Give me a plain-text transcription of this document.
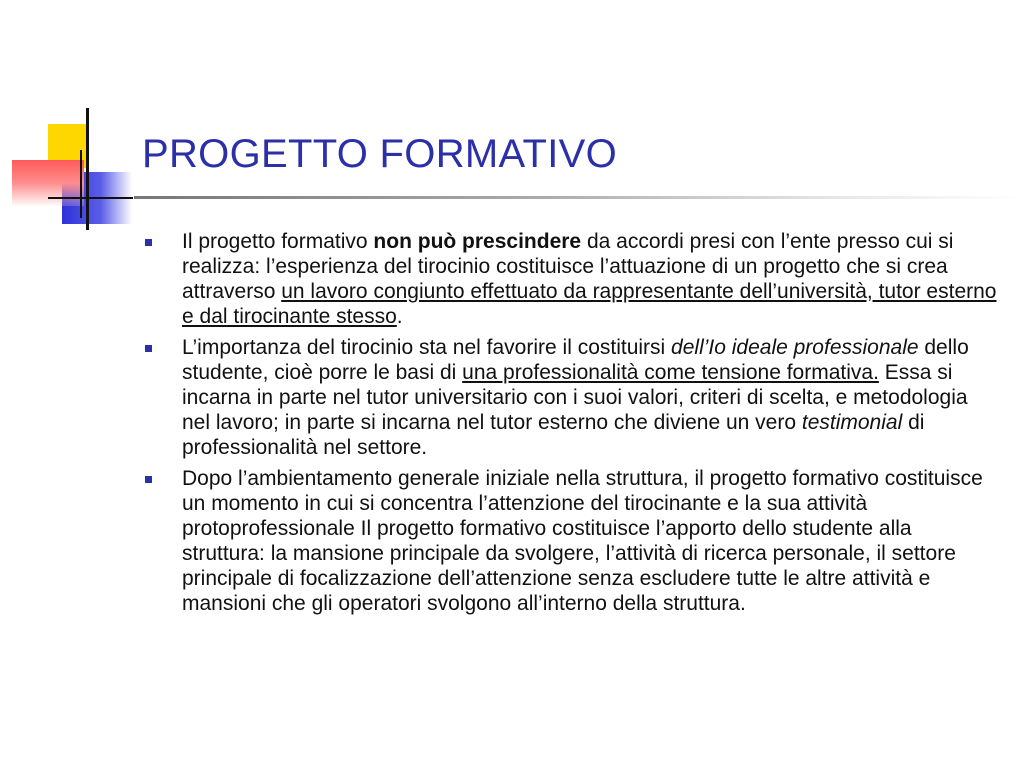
PROGETTO FORMATIVO
Il progetto formativo non può prescindere da accordi presi con l’ente presso cui si realizza: l’esperienza del tirocinio costituisce l’attuazione di un progetto che si crea attraverso un lavoro congiunto effettuato da rappresentante dell’università, tutor esterno e dal tirocinante stesso.
L’importanza del tirocinio sta nel favorire il costituirsi dell’Io ideale professionale dello studente, cioè porre le basi di una professionalità come tensione formativa. Essa si incarna in parte nel tutor universitario con i suoi valori, criteri di scelta, e metodologia nel lavoro; in parte si incarna nel tutor esterno che diviene un vero testimonial di professionalità nel settore.
Dopo l’ambientamento generale iniziale nella struttura, il progetto formativo costituisce un momento in cui si concentra l’attenzione del tirocinante e la sua attività protoprofessionale Il progetto formativo costituisce l’apporto dello studente alla struttura: la mansione principale da svolgere, l’attività di ricerca personale, il settore principale di focalizzazione dell’attenzione senza escludere tutte le altre attività e mansioni che gli operatori svolgono all’interno della struttura.
